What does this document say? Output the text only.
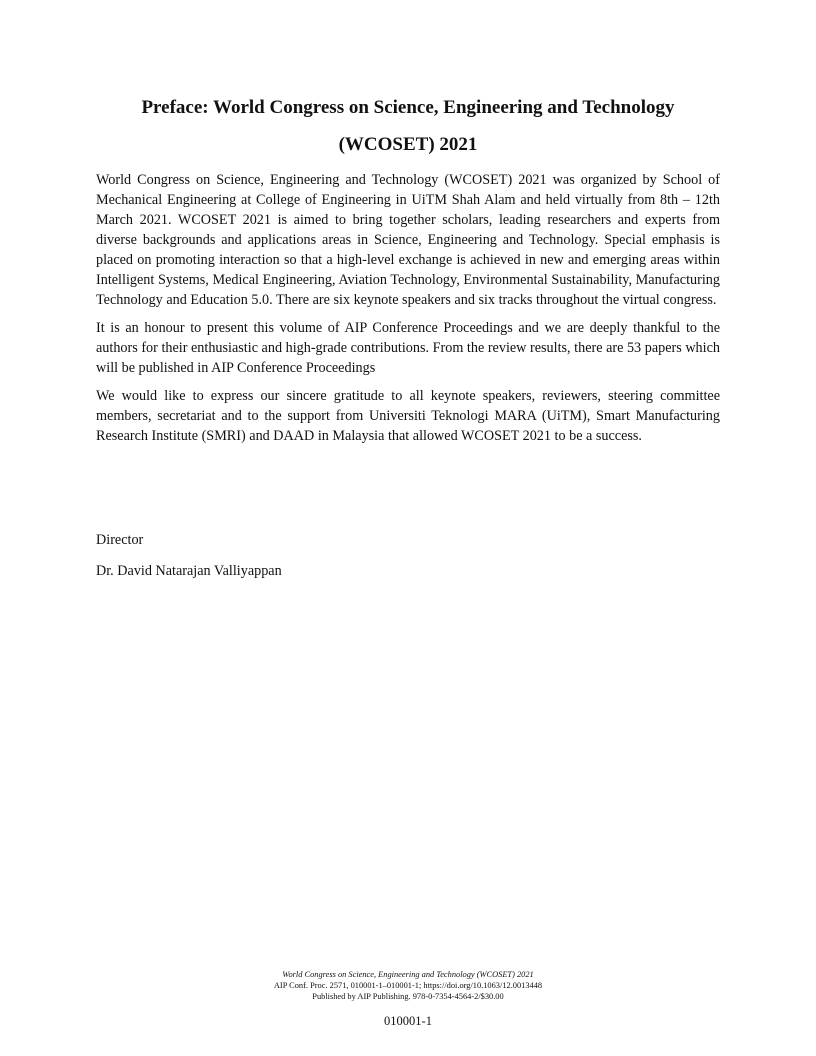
Preface: World Congress on Science, Engineering and Technology
(WCOSET) 2021

World Congress on Science, Engineering and Technology (WCOSET) 2021 was organized by School of Mechanical Engineering at College of Engineering in UiTM Shah Alam and held virtually from 8th – 12th March 2021. WCOSET 2021 is aimed to bring together scholars, leading researchers and experts from diverse backgrounds and applications areas in Science, Engineering and Technology. Special emphasis is placed on promoting interaction so that a high-level exchange is achieved in new and emerging areas within Intelligent Systems, Medical Engineering, Aviation Technology, Environmental Sustainability, Manufacturing Technology and Education 5.0. There are six keynote speakers and six tracks throughout the virtual congress.

It is an honour to present this volume of AIP Conference Proceedings and we are deeply thankful to the authors for their enthusiastic and high-grade contributions. From the review results, there are 53 papers which will be published in AIP Conference Proceedings

We would like to express our sincere gratitude to all keynote speakers, reviewers, steering committee members, secretariat and to the support from Universiti Teknologi MARA (UiTM), Smart Manufacturing Research Institute (SMRI) and DAAD in Malaysia that allowed WCOSET 2021 to be a success.

Director

Dr. David Natarajan Valliyappan

World Congress on Science, Engineering and Technology (WCOSET) 2021
AIP Conf. Proc. 2571, 010001-1–010001-1; https://doi.org/10.1063/12.0013448
Published by AIP Publishing. 978-0-7354-4564-2/$30.00
010001-1
